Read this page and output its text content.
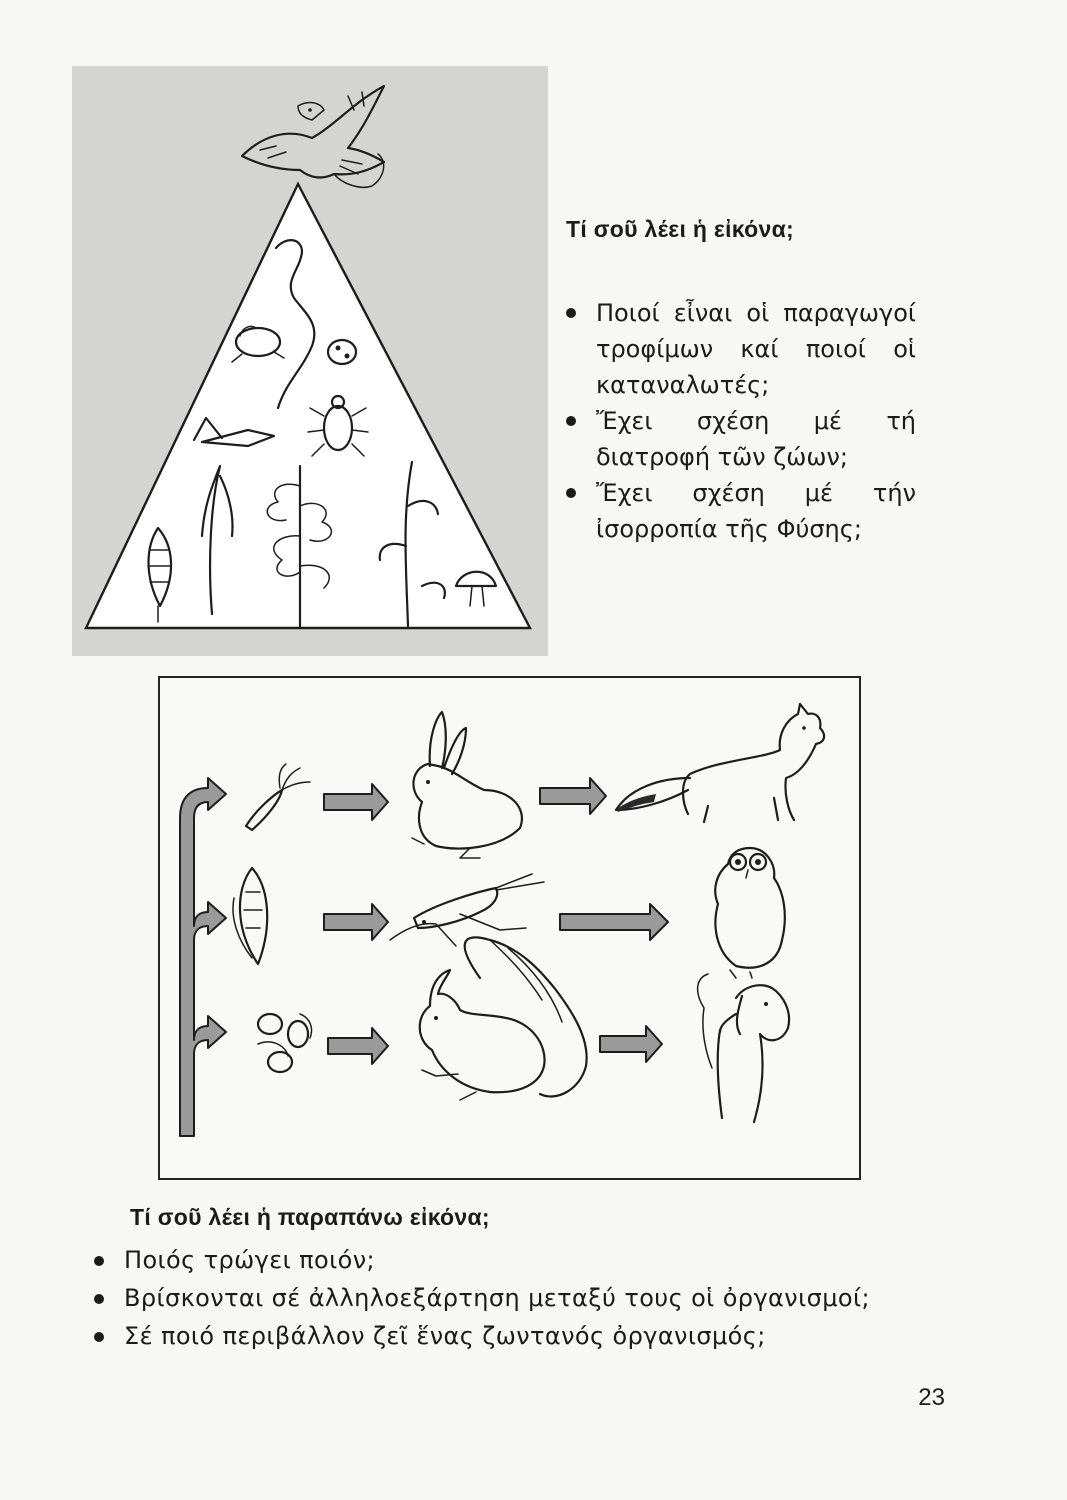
Τί σοῦ λέει ἡ εἰκόνα;
Ποιοί εἶναι οἱ παραγωγοί τροφίμων καί ποιοί οἱ καταναλωτές;
Ἔχει σχέση μέ τή διατροφή τῶν ζώων;
Ἔχει σχέση μέ τήν ἰσορροπία τῆς Φύσης;
Τί σοῦ λέει ἡ παραπάνω εἰκόνα;
Ποιός τρώγει ποιόν;
Βρίσκονται σέ ἀλληλοεξάρτηση μεταξύ τους οἱ ὀργανισμοί;
Σέ ποιό περιβάλλον ζεῖ ἕνας ζωντανός ὀργανισμός;
23
